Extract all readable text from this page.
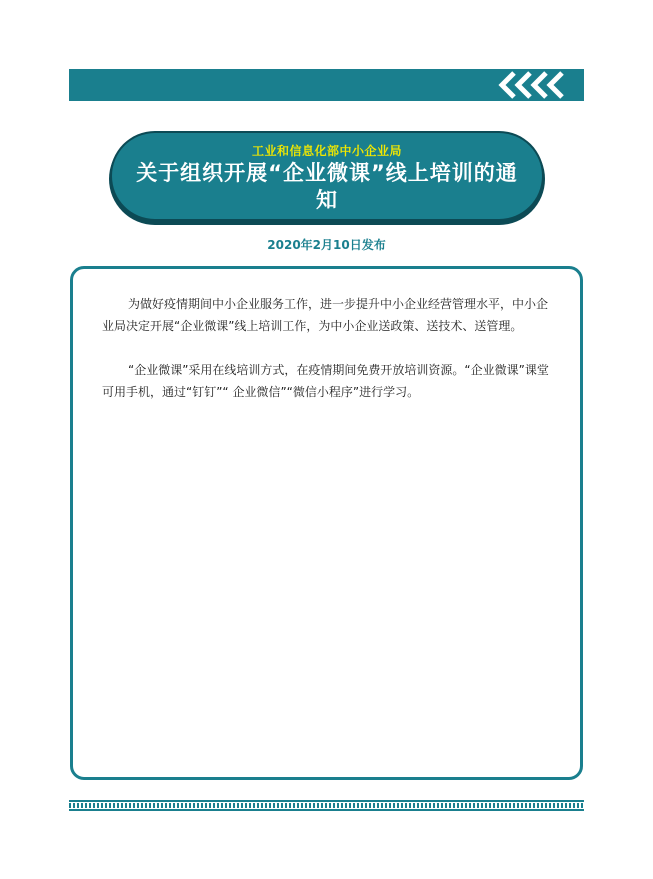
工业和信息化部中小企业局
关于组织开展“企业微课”线上培训的通知
2020年2月10日发布

为做好疫情期间中小企业服务工作，进一步提升中小企业经营管理水平，中小企业局决定开展“企业微课”线上培训工作，为中小企业送政策、送技术、送管理。

“企业微课”采用在线培训方式，在疫情期间免费开放培训资源。“企业微课”课堂可用手机，通过“钉钉”“ 企业微信”“微信小程序”进行学习。
